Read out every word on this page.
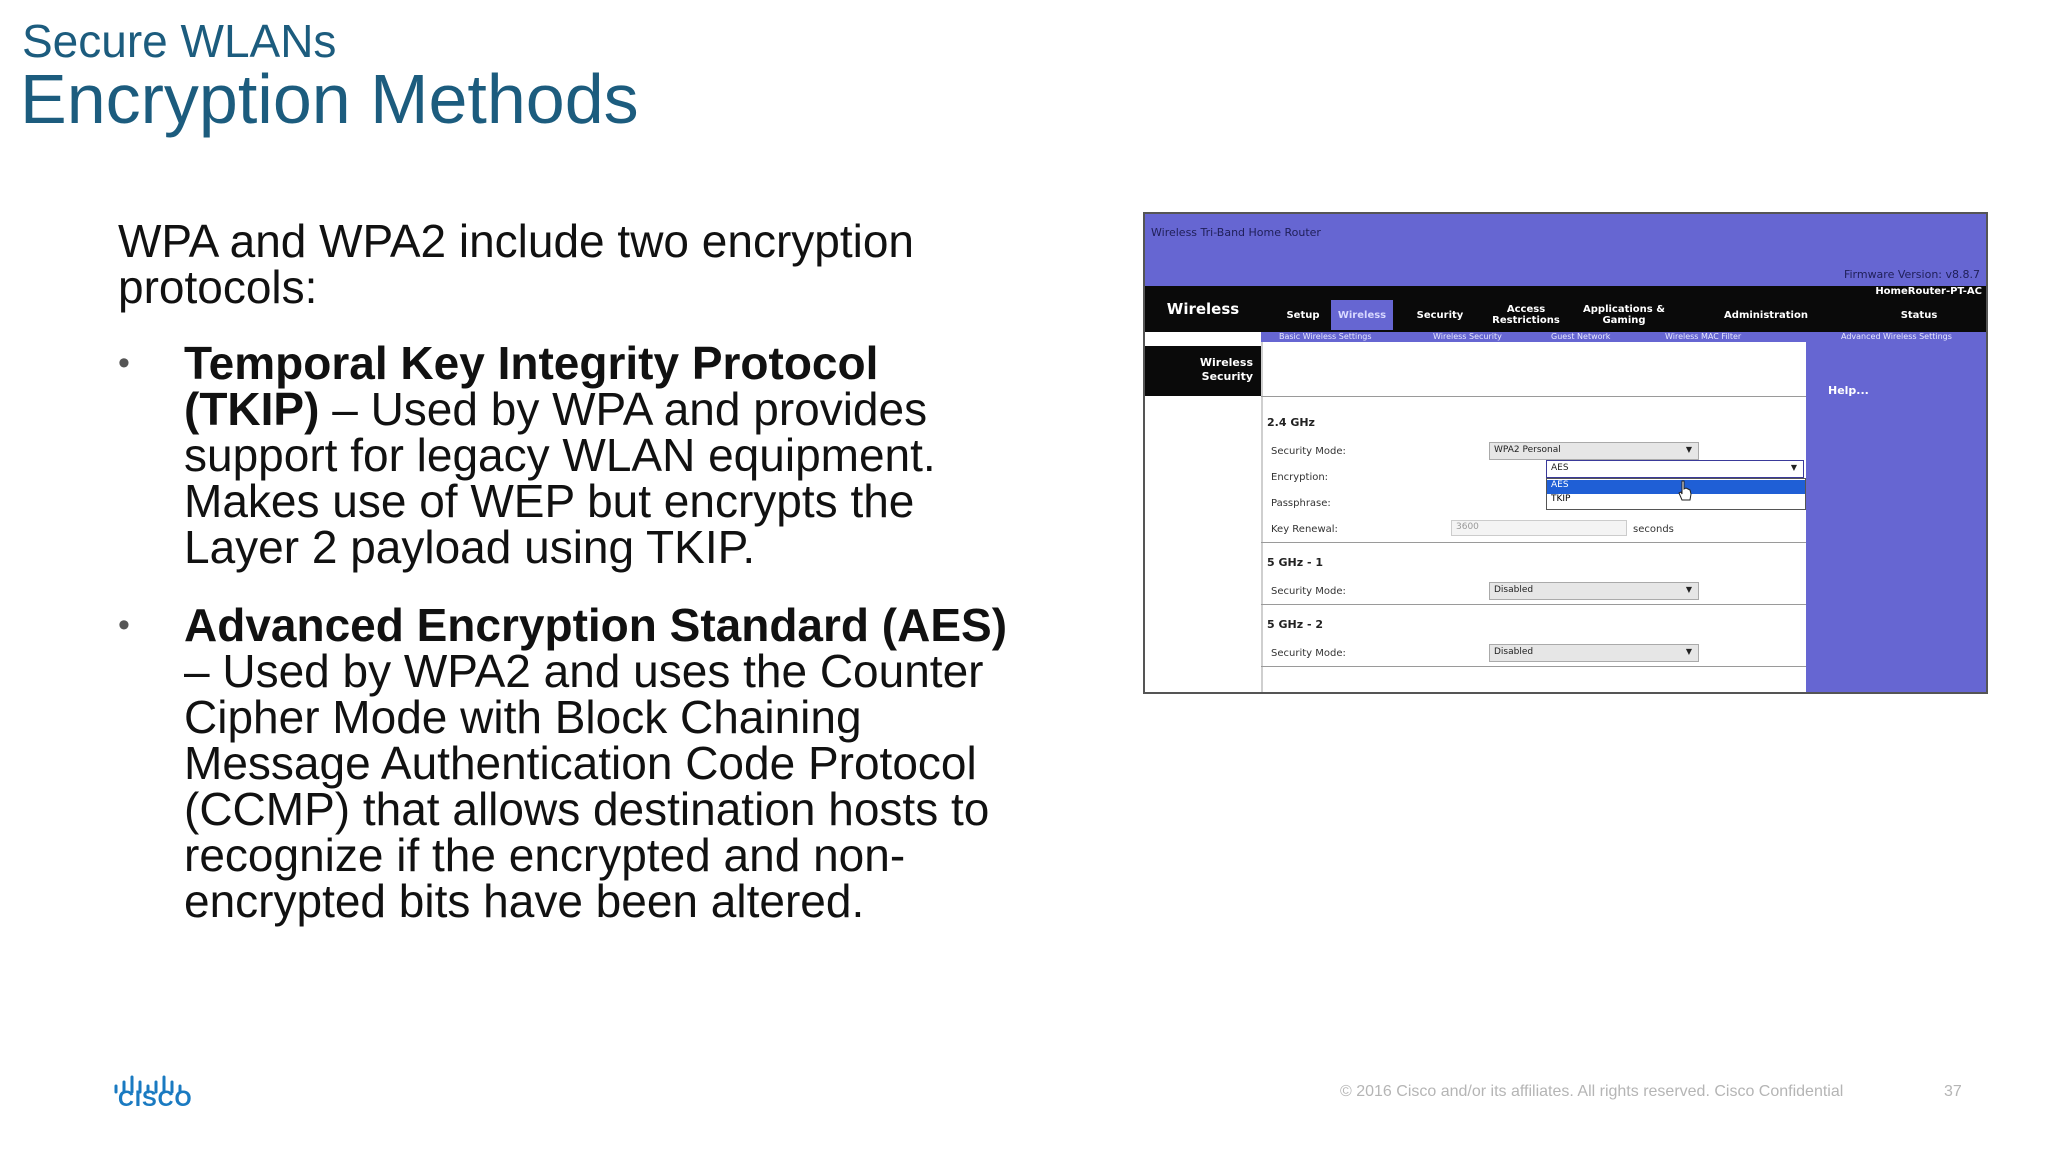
Secure WLANs
Encryption Methods
WPA and WPA2 include two encryption protocols:
• Temporal Key Integrity Protocol (TKIP) – Used by WPA and provides support for legacy WLAN equipment. Makes use of WEP but encrypts the Layer 2 payload using TKIP.
• Advanced Encryption Standard (AES) – Used by WPA2 and uses the Counter Cipher Mode with Block Chaining Message Authentication Code Protocol (CCMP) that allows destination hosts to recognize if the encrypted and non-encrypted bits have been altered.
Wireless Tri-Band Home Router
Firmware Version: v8.8.7
Wireless
HomeRouter-PT-AC
Setup	Wireless	Security	Access Restrictions
Applications & Gaming	Administration	Status
Basic Wireless Settings	Wireless Security	Guest Network	Wireless MAC Filter	Advanced Wireless Settings
Wireless Security
Help...
2.4 GHz
Security Mode:	WPA2 Personal	▼
Encryption:
AES	▼
AES
TKIP
Passphrase:
Key Renewal:	3600	seconds
5 GHz - 1
Security Mode:	Disabled	▼
5 GHz - 2
Security Mode:	Disabled	▼
CISCO	© 2016 Cisco and/or its affiliates. All rights reserved. Cisco Confidential	37
